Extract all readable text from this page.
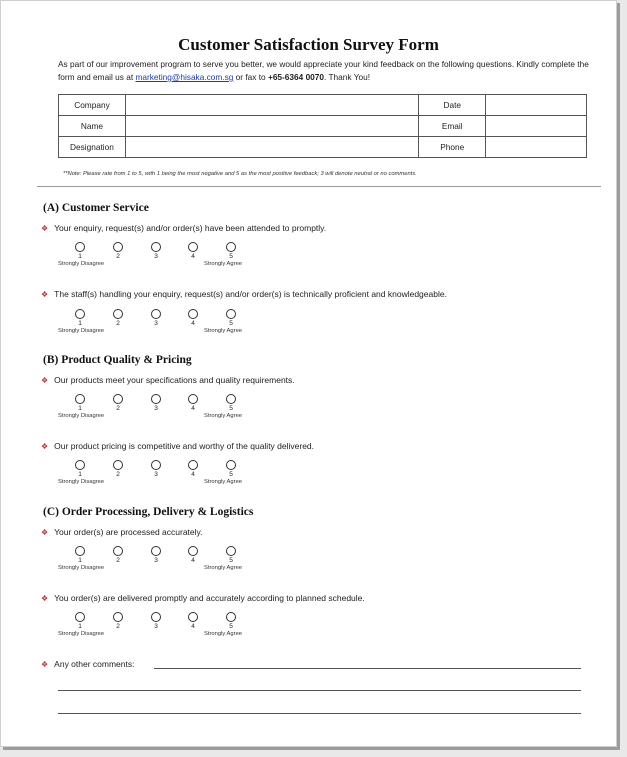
Customer Satisfaction Survey Form
As part of our improvement program to serve you better, we would appreciate your kind feedback on the following questions. Kindly complete the form and email us at marketing@hisaka.com.sg or fax to +65-6364 0070. Thank You!
Company		Date	
Name		Email	
Designation		Phone	
**Note: Please rate from 1 to 5, with 1 being the most negative and 5 as the most positive feedback; 3 will denote neutral or no comments.
(A) Customer Service
❖ Your enquiry, request(s) and/or order(s) have been attended to promptly.
1	2	3	4	5
Strongly Disagree	Strongly Agree
❖ The staff(s) handling your enquiry, request(s) and/or order(s) is technically proficient and knowledgeable.
1	2	3	4	5
Strongly Disagree	Strongly Agree
(B) Product Quality & Pricing
❖ Our products meet your specifications and quality requirements.
1	2	3	4	5
Strongly Disagree	Strongly Agree
❖ Our product pricing is competitive and worthy of the quality delivered.
1	2	3	4	5
Strongly Disagree	Strongly Agree
(C) Order Processing, Delivery & Logistics
❖ Your order(s) are processed accurately.
1	2	3	4	5
Strongly Disagree	Strongly Agree
❖ You order(s) are delivered promptly and accurately according to planned schedule.
1	2	3	4	5
Strongly Disagree	Strongly Agree
❖ Any other comments:
